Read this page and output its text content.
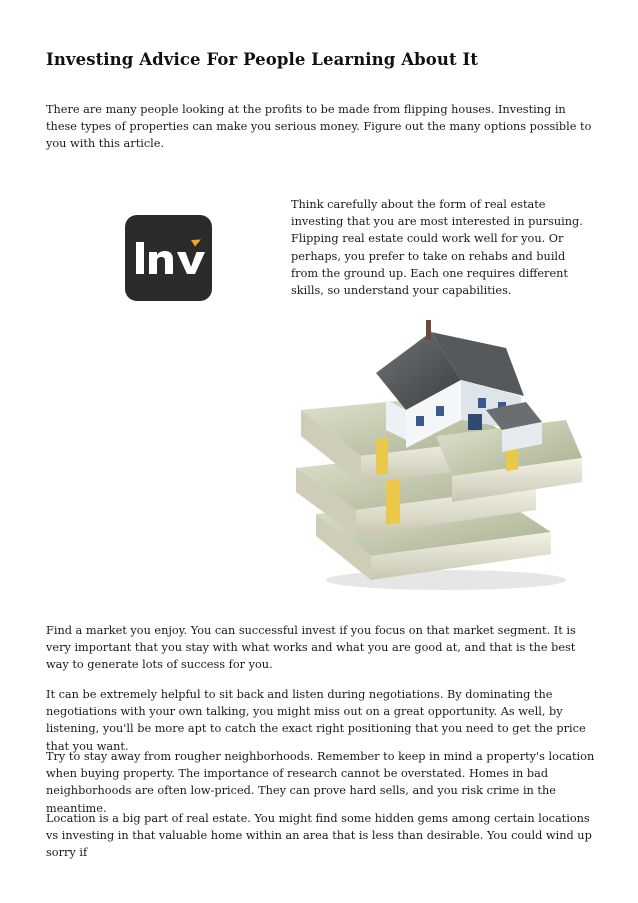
Investing Advice For People Learning About It

There are many people looking at the profits to be made from flipping houses. Investing in these types of properties can make you serious money. Figure out the many options possible to you with this article.

Think carefully about the form of real estate investing that you are most interested in pursuing. Flipping real estate could work well for you. Or perhaps, you prefer to take on rehabs and build from the ground up. Each one requires different skills, so understand your capabilities.

Find a market you enjoy. You can successful invest if you focus on that market segment. It is very important that you stay with what works and what you are good at, and that is the best way to generate lots of success for you.

It can be extremely helpful to sit back and listen during negotiations. By dominating the negotiations with your own talking, you might miss out on a great opportunity. As well, by listening, you'll be more apt to catch the exact right positioning that you need to get the price that you want.

Try to stay away from rougher neighborhoods. Remember to keep in mind a property's location when buying property. The importance of research cannot be overstated. Homes in bad neighborhoods are often low-priced. They can prove hard sells, and you risk crime in the meantime.

Location is a big part of real estate. You might find some hidden gems among certain locations vs investing in that valuable home within an area that is less than desirable. You could wind up sorry if
